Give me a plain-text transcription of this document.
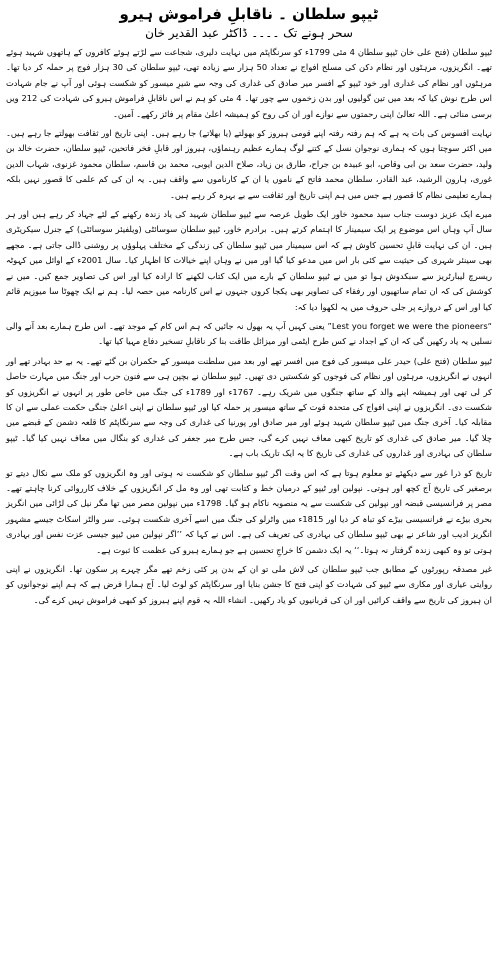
ٹیپو سلطان ۔ ناقابلِ فراموش ہیرو
سحر ہونے تک ۔۔۔۔ ڈاکٹر عبد القدیر خان

ٹیپو سلطان (فتح علی خان ٹیپو سلطان 4 مئی 1799ء کو سرنگاپٹم میں نہایت دلیری، شجاعت سے لڑتے ہوئے کافروں کے ہاتھوں شہید ہوئے تھے۔ انگریزوں، مرہٹوں اور نظام دکن کی مسلح افواج نے تعداد 50 ہزار سے زیادہ تھی، ٹیپو سلطان کی 30 ہزار فوج پر حملہ کر دیا تھا۔ مرہٹوں اور نظام کی غداری اور خود ٹیپو کے افسر میر صادق کی غداری کی وجہ سے شیرِ میسور کو شکست ہوئی اور آپ نے جام شہادت اس طرح نوش کیا کہ بعد میں تین گولیوں اور بدن زخموں سے چور تھا۔ 4 مئی کو ہم نے اس ناقابلِ فراموش ہیرو کی شہادت کی 212 ویں برسی منائی ہے۔ اللہ تعالیٰ اپنی رحمتوں سے نوازے اور ان کی روح کو ہمیشہ اعلیٰ مقام پر فائز رکھے۔ آمین۔

نہایت افسوس کی بات یہ ہے کہ ہم رفتہ رفتہ اپنے قومی ہیروز کو بھولتے (یا بھلاتے) جا رہے ہیں۔ اپنی تاریخ اور ثقافت بھولتے جا رہے ہیں۔ میں اکثر سوچتا ہوں کہ ہماری نوجوان نسل کے کتنے لوگ ہمارے عظیم رہنماؤں، ہیروز اور قابلِ فخر فاتحین، ٹیپو سلطان، حضرت خالد بن ولید، حضرت سعد بن ابی وقاص، ابو عبیدہ بن جراح، طارق بن زیاد، صلاح الدین ایوبی، محمد بن قاسم، سلطان محمود غزنوی، شہاب الدین غوری، ہارون الرشید، عبد القادر، سلطان محمد فاتح کے ناموں یا ان کے کارناموں سے واقف ہیں۔ یہ ان کی کم علمی کا قصور نہیں بلکہ ہمارے تعلیمی نظام کا قصور ہے جس میں ہم اپنی تاریخ اور ثقافت سے بے بہرہ کر رہے ہیں۔

میرے ایک عزیز دوست جناب سید محمود خاور ایک طویل عرصہ سے ٹیپو سلطان شہید کی یاد زندہ رکھنے کے لئے جہاد کر رہے ہیں اور ہر سال آپ وہاں اس موضوع پر ایک سیمینار کا اہتمام کرتے ہیں۔ برادرم خاور، ٹیپو سلطان سوسائٹی (ویلفیئر سوسائٹی) کے جنرل سیکریٹری ہیں۔ ان کی نہایت قابلِ تحسین کاوش ہے کہ اس سیمینار میں ٹیپو سلطان کی زندگی کے مختلف پہلوؤں پر روشنی ڈالی جاتی ہے۔ مجھے بھی سینئر شہری کی حیثیت سے کئی بار اس میں مدعو کیا گیا اور میں نے وہاں اپنے خیالات کا اظہار کیا۔ سال 2001ء کے اوائل میں کہوٹہ ریسرچ لیبارٹریز سے سبکدوش ہوا تو میں نے ٹیپو سلطان کے بارے میں ایک کتاب لکھنے کا ارادہ کیا اور اس کی تصاویر جمع کیں۔ میں نے کوشش کی کہ ان تمام ساتھیوں اور رفقاء کی تصاویر بھی یکجا کروں جنہوں نے اس کارنامہ میں حصہ لیا۔ ہم نے ایک چھوٹا سا میوزیم قائم کیا اور اس کے دروازے پر جلی حروف میں یہ لکھوا دیا کہ:

“Lest you forget we were the pioneers” یعنی کہیں آپ یہ بھول نہ جائیں کہ ہم اس کام کے موجد تھے۔ اس طرح ہمارے بعد آنے والی نسلیں یہ یاد رکھیں گی کہ ان کے اجداد نے کس طرح ایٹمی اور میزائل طاقت بنا کر ناقابلِ تسخیر دفاع مہیا کیا تھا۔

ٹیپو سلطان (فتح علی) حیدر علی میسور کی فوج میں افسر تھے اور بعد میں سلطنت میسور کے حکمران بن گئے تھے۔ یہ بے حد بہادر تھے اور انہوں نے انگریزوں، مرہٹوں اور نظام کی فوجوں کو شکستیں دی تھیں۔ ٹیپو سلطان نے بچپن ہی سے فنون حرب اور جنگ میں مہارت حاصل کر لی تھی اور ہمیشہ اپنے والد کے ساتھ جنگوں میں شریک رہے۔ 1767ء اور 1789ء کی جنگ میں خاص طور پر انہوں نے انگریزوں کو شکست دی۔ انگریزوں نے اپنی افواج کی متحدہ قوت کے ساتھ میسور پر حملہ کیا اور ٹیپو سلطان نے اپنی اعلیٰ جنگی حکمت عملی سے ان کا مقابلہ کیا۔ آخری جنگ میں ٹیپو سلطان شہید ہوئے اور میر صادق اور پورنیا کی غداری کی وجہ سے سرنگاپٹم کا قلعہ دشمن کے قبضے میں چلا گیا۔ میر صادق کی غداری کو تاریخ کبھی معاف نہیں کرے گی، جس طرح میر جعفر کی غداری کو بنگال میں معاف نہیں کیا گیا۔ ٹیپو سلطان کی بہادری اور غداروں کی غداری کی تاریخ کا یہ ایک تاریک باب ہے۔

تاریخ کو ذرا غور سے دیکھئے تو معلوم ہوتا ہے کہ اس وقت اگر ٹیپو سلطان کو شکست نہ ہوتی اور وہ انگریزوں کو ملک سے نکال دیتے تو برصغیر کی تاریخ آج کچھ اور ہوتی۔ نپولین اور ٹیپو کے درمیان خط و کتابت تھی اور وہ مل کر انگریزوں کے خلاف کارروائی کرنا چاہتے تھے۔ مصر پر فرانسیسی قبضہ اور نپولین کی شکست سے یہ منصوبہ ناکام ہو گیا۔ 1798ء میں نپولین مصر میں تھا مگر نیل کی لڑائی میں انگریز بحری بیڑے نے فرانسیسی بیڑے کو تباہ کر دیا اور 1815ء میں واٹرلو کی جنگ میں اسے آخری شکست ہوئی۔ سر والٹر اسکاٹ جیسے مشہور انگریز ادیب اور شاعر نے بھی ٹیپو سلطان کی بہادری کی تعریف کی ہے۔ اس نے کہا کہ ’’اگر نپولین میں ٹیپو جیسی عزت نفس اور بہادری ہوتی تو وہ کبھی زندہ گرفتار نہ ہوتا۔‘‘ یہ ایک دشمن کا خراجِ تحسین ہے جو ہمارے ہیرو کی عظمت کا ثبوت ہے۔

غیر مصدقہ رپورٹوں کے مطابق جب ٹیپو سلطان کی لاش ملی تو ان کے بدن پر کئی زخم تھے مگر چہرے پر سکون تھا۔ انگریزوں نے اپنی روایتی عیاری اور مکاری سے ٹیپو کی شہادت کو اپنی فتح کا جشن بنایا اور سرنگاپٹم کو لوٹ لیا۔ آج ہمارا فرض ہے کہ ہم اپنے نوجوانوں کو ان ہیروز کی تاریخ سے واقف کرائیں اور ان کی قربانیوں کو یاد رکھیں۔ انشاء اللہ یہ قوم اپنے ہیروز کو کبھی فراموش نہیں کرے گی۔
